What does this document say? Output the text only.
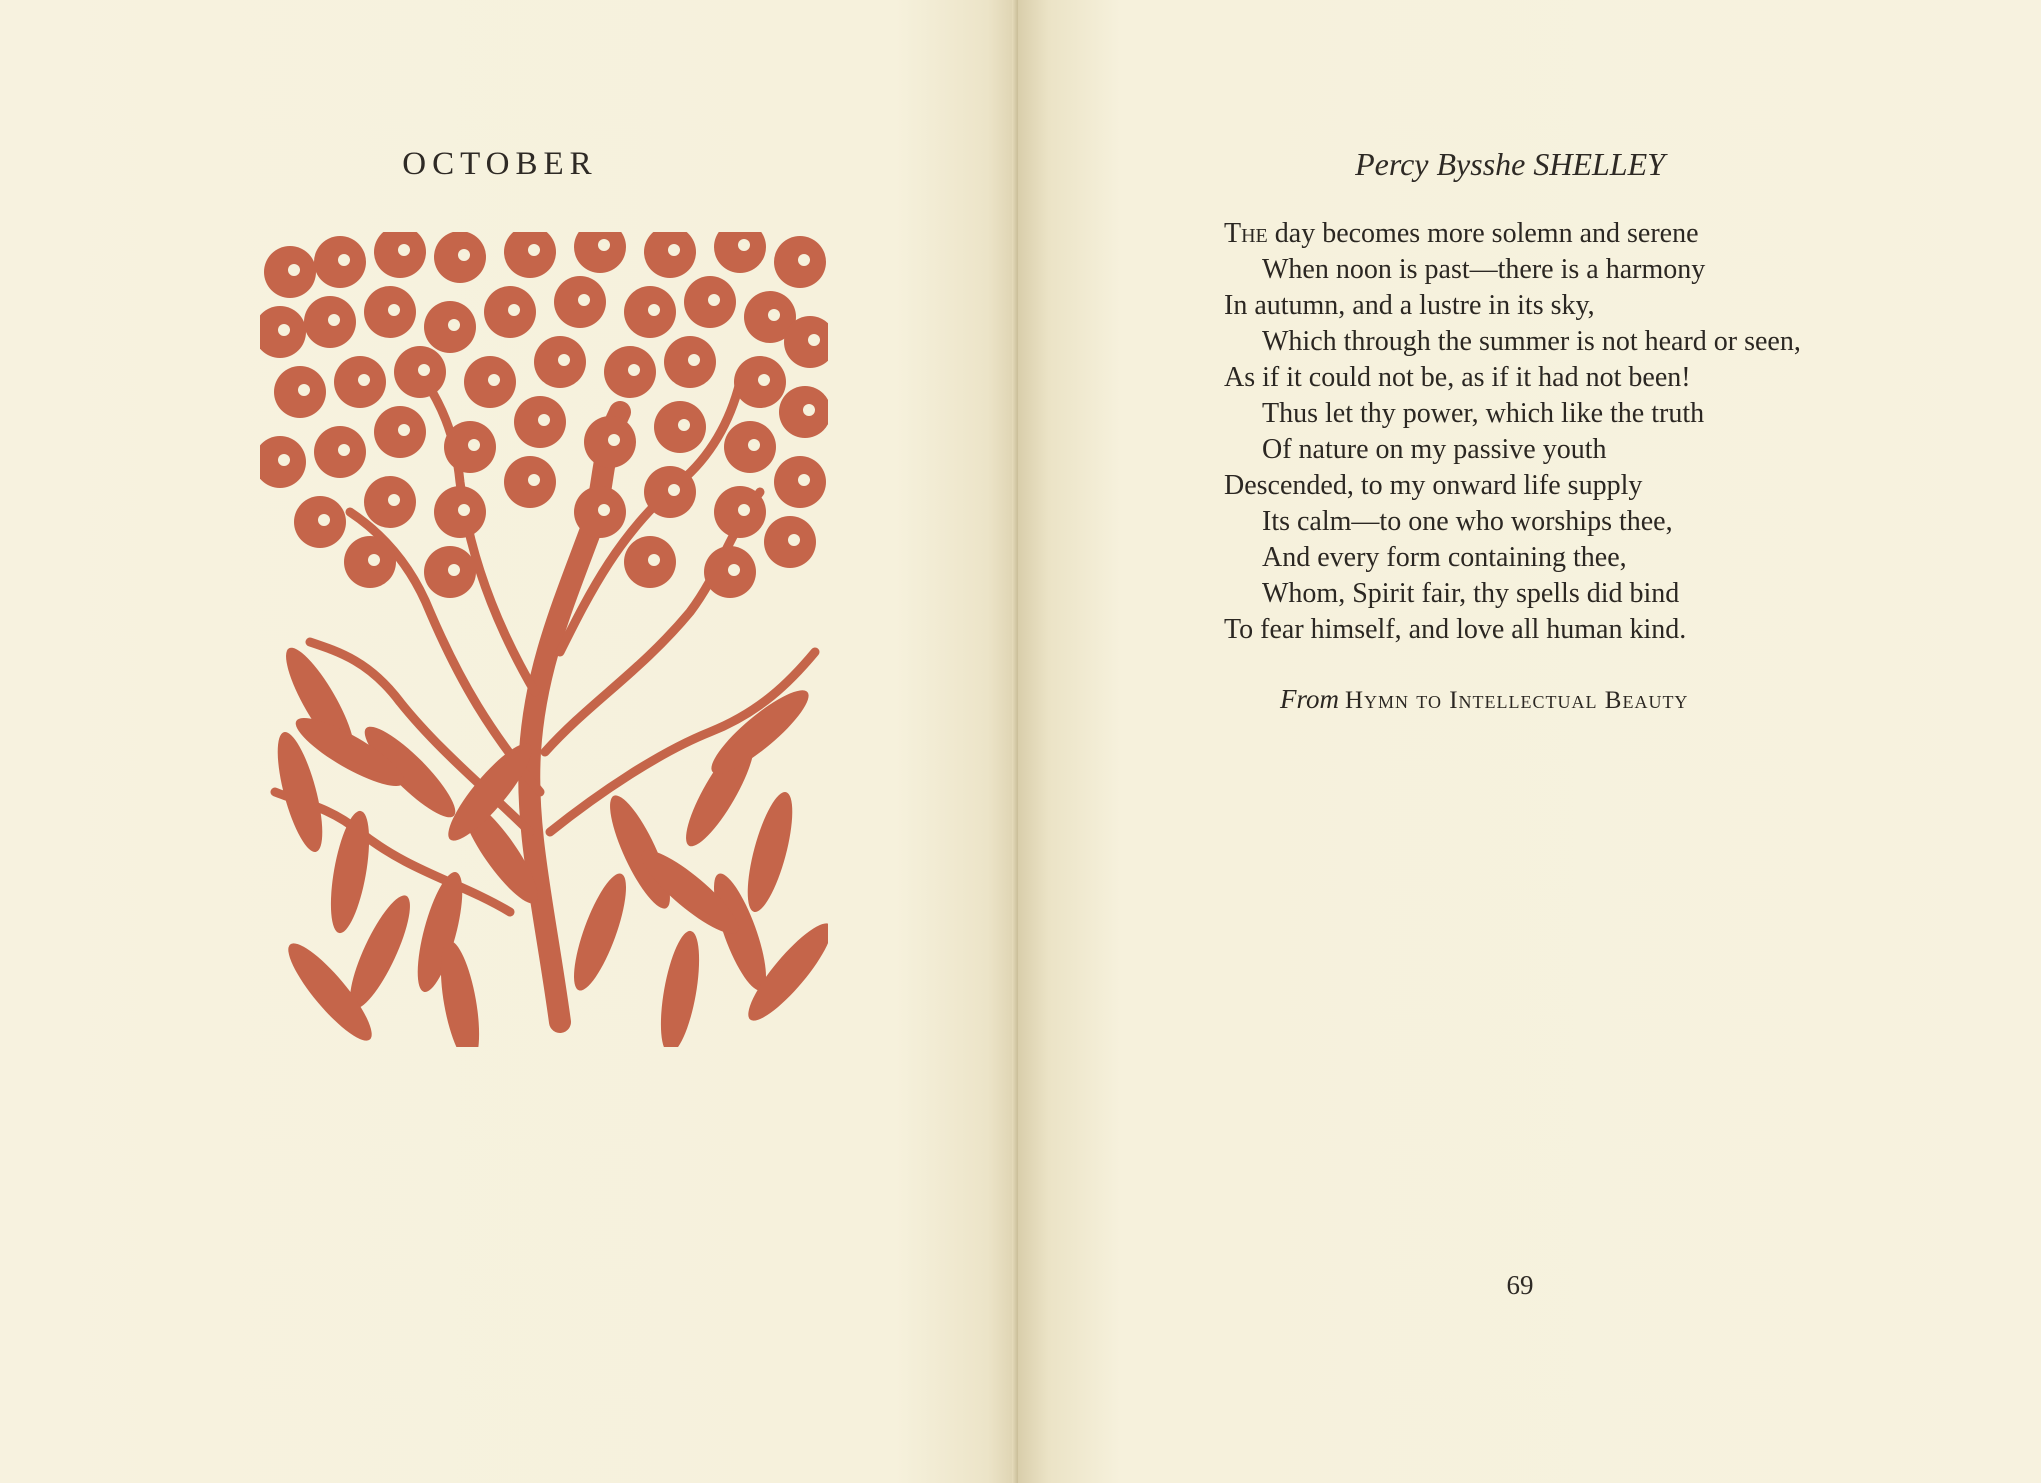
OCTOBER	Percy Bysshe SHELLEY
The day becomes more solemn and serene
When noon is past—there is a harmony
In autumn, and a lustre in its sky,
Which through the summer is not heard or seen,
As if it could not be, as if it had not been!
Thus let thy power, which like the truth
Of nature on my passive youth
Descended, to my onward life supply
Its calm—to one who worships thee,
And every form containing thee,
Whom, Spirit fair, thy spells did bind
To fear himself, and love all human kind.
From Hymn to Intellectual Beauty
69
